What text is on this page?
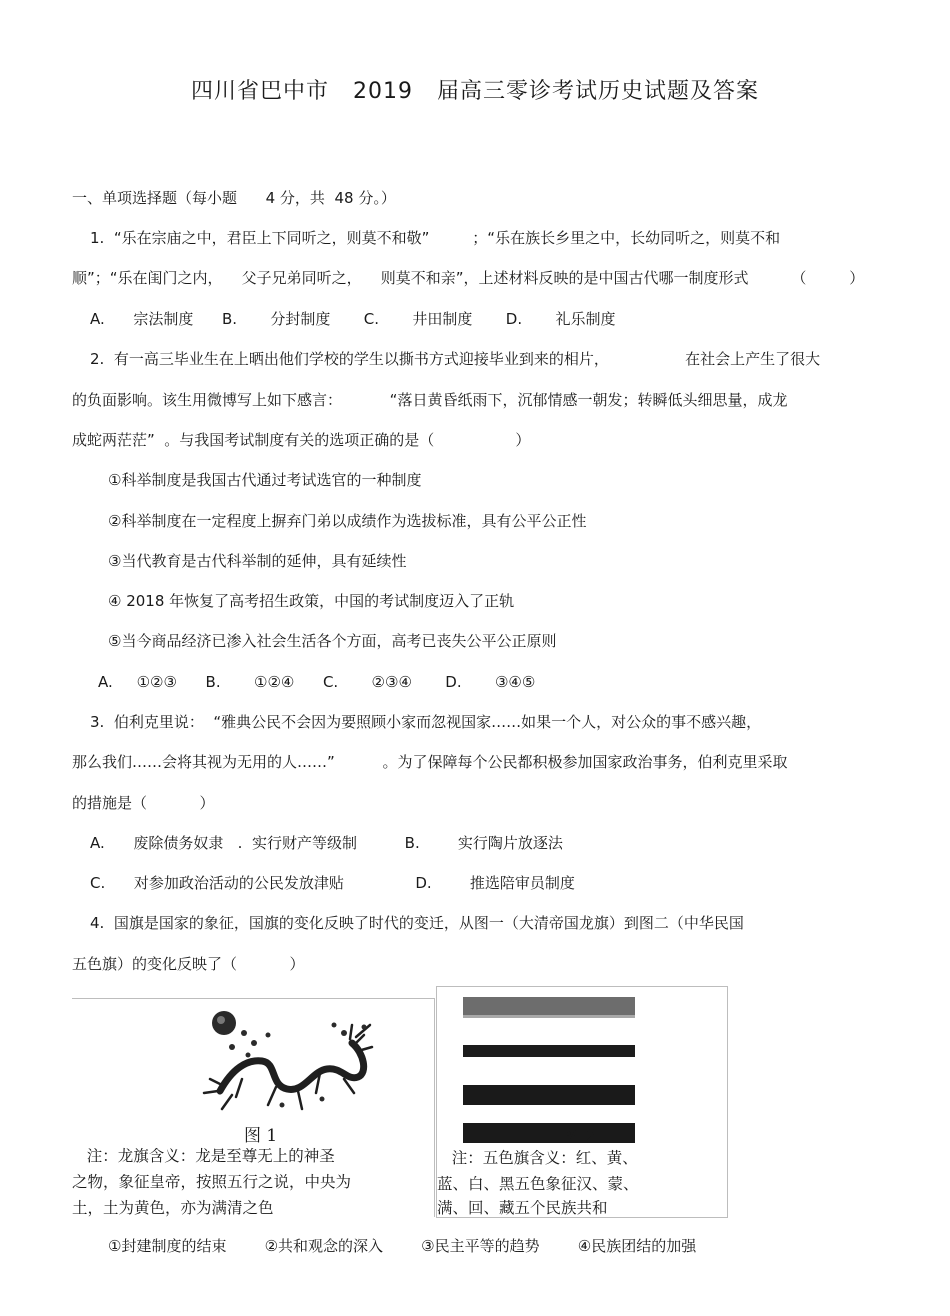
四川省巴中市   2019   届高三零诊考试历史试题及答案
一、单项选择题（每小题      4 分，共  48 分。）
1.  “乐在宗庙之中，君臣上下同听之，则莫不和敬”         ；“乐在族长乡里之中，长幼同听之，则莫不和
顺”；“乐在闺门之内，    父子兄弟同听之，    则莫不和亲”，上述材料反映的是中国古代哪一制度形式         （         ）
A.      宗法制度      B.       分封制度       C.       井田制度       D.       礼乐制度
2.  有一高三毕业生在上晒出他们学校的学生以撕书方式迎接毕业到来的相片，                在社会上产生了很大
的负面影响。该生用微博写上如下感言：          “落日黄昏纸雨下，沉郁情感一朝发；转瞬低头细思量，成龙
成蛇两茫茫”  。与我国考试制度有关的选项正确的是（                 ）
①科举制度是我国古代通过考试选官的一种制度
②科举制度在一定程度上摒弃门弟以成绩作为选拔标准，具有公平公正性
③当代教育是古代科举制的延伸，具有延续性
④ 2018 年恢复了高考招生政策，中国的考试制度迈入了正轨
⑤当今商品经济已渗入社会生活各个方面，高考已丧失公平公正原则
A.     ①②③      B.       ①②④      C.       ②③④       D.       ③④⑤
3.  伯利克里说：  “雅典公民不会因为要照顾小家而忽视国家……如果一个人，对公众的事不感兴趣，
那么我们……会将其视为无用的人……”          。为了保障每个公民都积极参加国家政治事务，伯利克里采取
的措施是（           ）
A.      废除债务奴隶   .  实行财产等级制          B.        实行陶片放逐法
C.      对参加政治活动的公民发放津贴               D.        推选陪审员制度
4.  国旗是国家的象征，国旗的变化反映了时代的变迁，从图一（大清帝国龙旗）到图二（中华民国
五色旗）的变化反映了（           ）
图 1
注：龙旗含义：龙是至尊无上的神圣
之物，象征皇帝，按照五行之说，中央为
土，土为黄色，亦为满清之色
图 2
注：五色旗含义：红、黄、
蓝、白、黑五色象征汉、蒙、
满、回、藏五个民族共和
①封建制度的结束        ②共和观念的深入        ③民主平等的趋势        ④民族团结的加强
